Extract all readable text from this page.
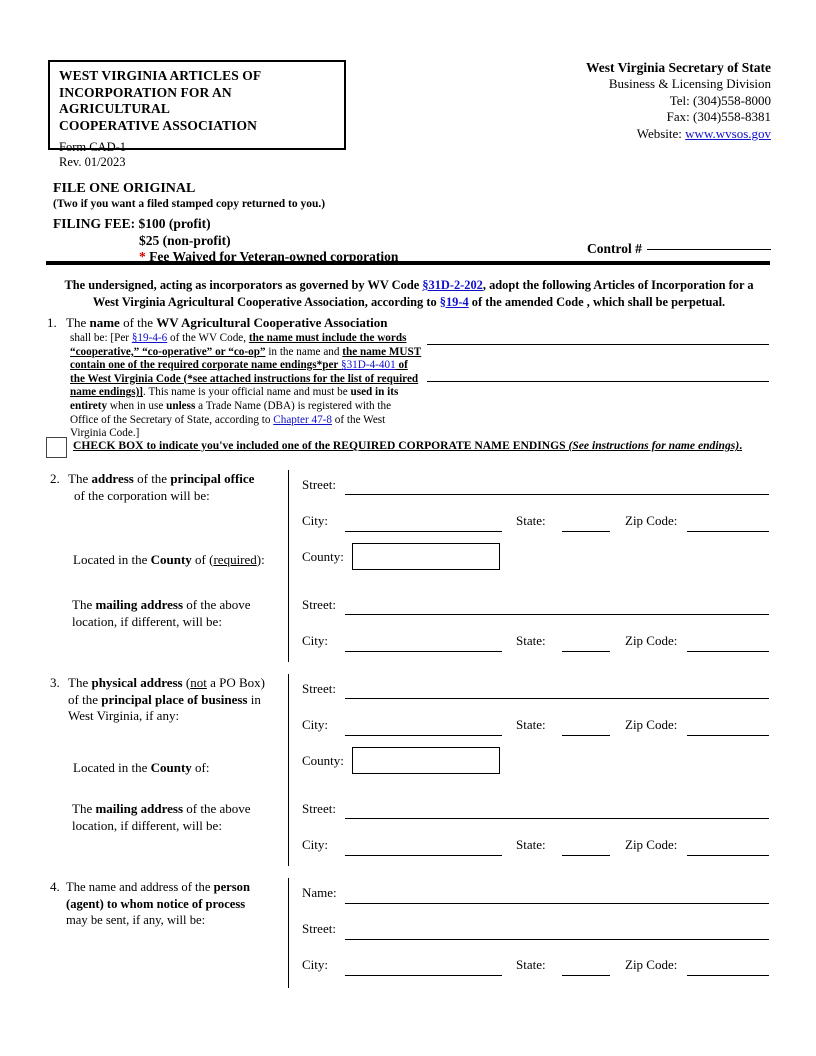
WEST VIRGINIA ARTICLES OF
INCORPORATION FOR AN AGRICULTURAL
COOPERATIVE ASSOCIATION
Form CAD-1
Rev. 01/2023
West Virginia Secretary of State
Business & Licensing Division
Tel: (304)558-8000
Fax: (304)558-8381
Website: www.wvsos.gov
FILE ONE ORIGINAL
(Two if you want a filed stamped copy returned to you.)
FILING FEE: $100 (profit)
$25 (non-profit)
* Fee Waived for Veteran-owned corporation
Control #
The undersigned, acting as incorporators as governed by WV Code §31D-2-202, adopt the following Articles of Incorporation for a West Virginia Agricultural Cooperative Association, according to §19-4 of the amended Code , which shall be perpetual.
1. The name of the WV Agricultural Cooperative Association
shall be: [Per §19-4-6 of the WV Code, the name must include the words “cooperative,” “co-operative” or “co-op” in the name and the name MUST contain one of the required corporate name endings*per §31D-4-401 of the West Virginia Code (*see attached instructions for the list of required name endings)]. This name is your official name and must be used in its entirety when in use unless a Trade Name (DBA) is registered with the Office of the Secretary of State, according to Chapter 47-8 of the West Virginia Code.]
CHECK BOX to indicate you've included one of the REQUIRED CORPORATE NAME ENDINGS (See instructions for name endings).
2. The address of the principal office
of the corporation will be:
Located in the County of (required):
The mailing address of the above
location, if different, will be:
Street:
City:	State:	Zip Code:
County:
Street:
City:	State:	Zip Code:
3. The physical address (not a PO Box)
of the principal place of business in
West Virginia, if any:
Located in the County of:
The mailing address of the above
location, if different, will be:
Street:
City:	State:	Zip Code:
County:
Street:
City:	State:	Zip Code:
4. The name and address of the person
(agent) to whom notice of process
may be sent, if any, will be:
Name:
Street:
City:	State:	Zip Code:
